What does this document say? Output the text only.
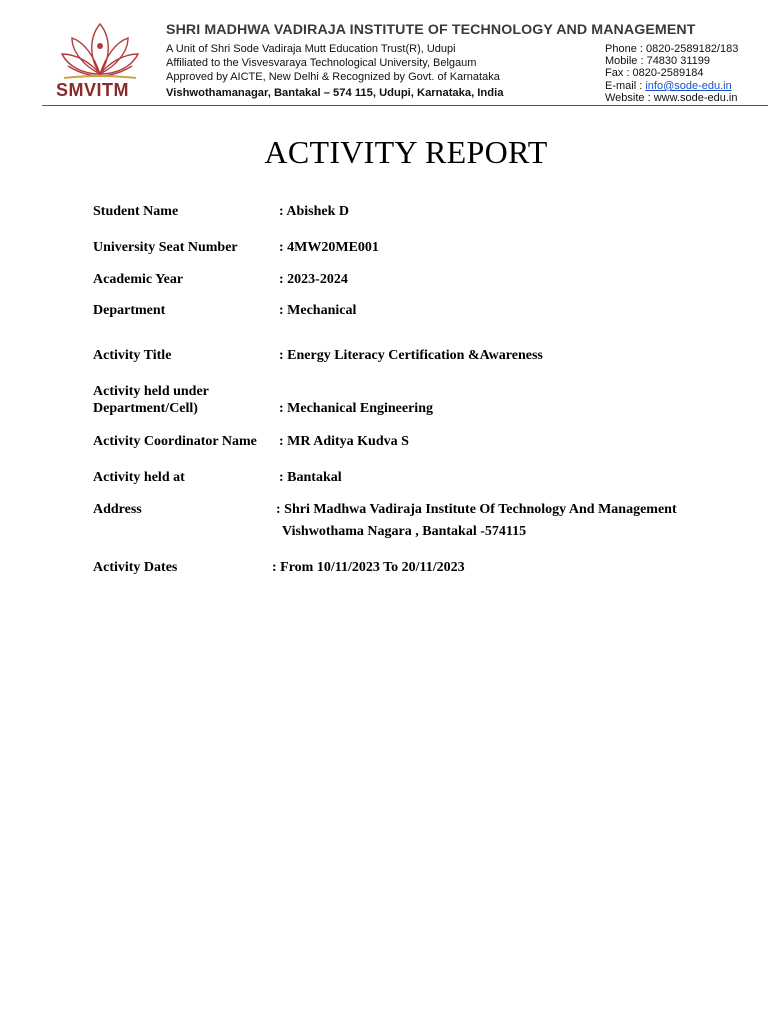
SMVITM
SHRI MADHWA VADIRAJA INSTITUTE OF TECHNOLOGY AND MANAGEMENT
A Unit of Shri Sode Vadiraja Mutt Education Trust(R), Udupi
Affiliated to the Visvesvaraya Technological University, Belgaum
Approved by AICTE, New Delhi & Recognized by Govt. of Karnataka
Vishwothamanagar, Bantakal – 574 115, Udupi, Karnataka, India
Phone : 0820-2589182/183
Mobile : 74830 31199
Fax : 0820-2589184
E-mail : info@sode-edu.in
Website : www.sode-edu.in
ACTIVITY REPORT
Student Name	: Abishek D
University Seat Number	: 4MW20ME001
Academic Year	: 2023-2024
Department	: Mechanical
Activity Title	: Energy Literacy Certification &Awareness
Activity held under
Department/Cell)	: Mechanical Engineering
Activity Coordinator Name : MR Aditya Kudva S
Activity held at	: Bantakal
Address	: Shri Madhwa Vadiraja Institute Of Technology And Management
Vishwothama Nagara , Bantakal -574115
Activity Dates	: From 10/11/2023 To 20/11/2023
